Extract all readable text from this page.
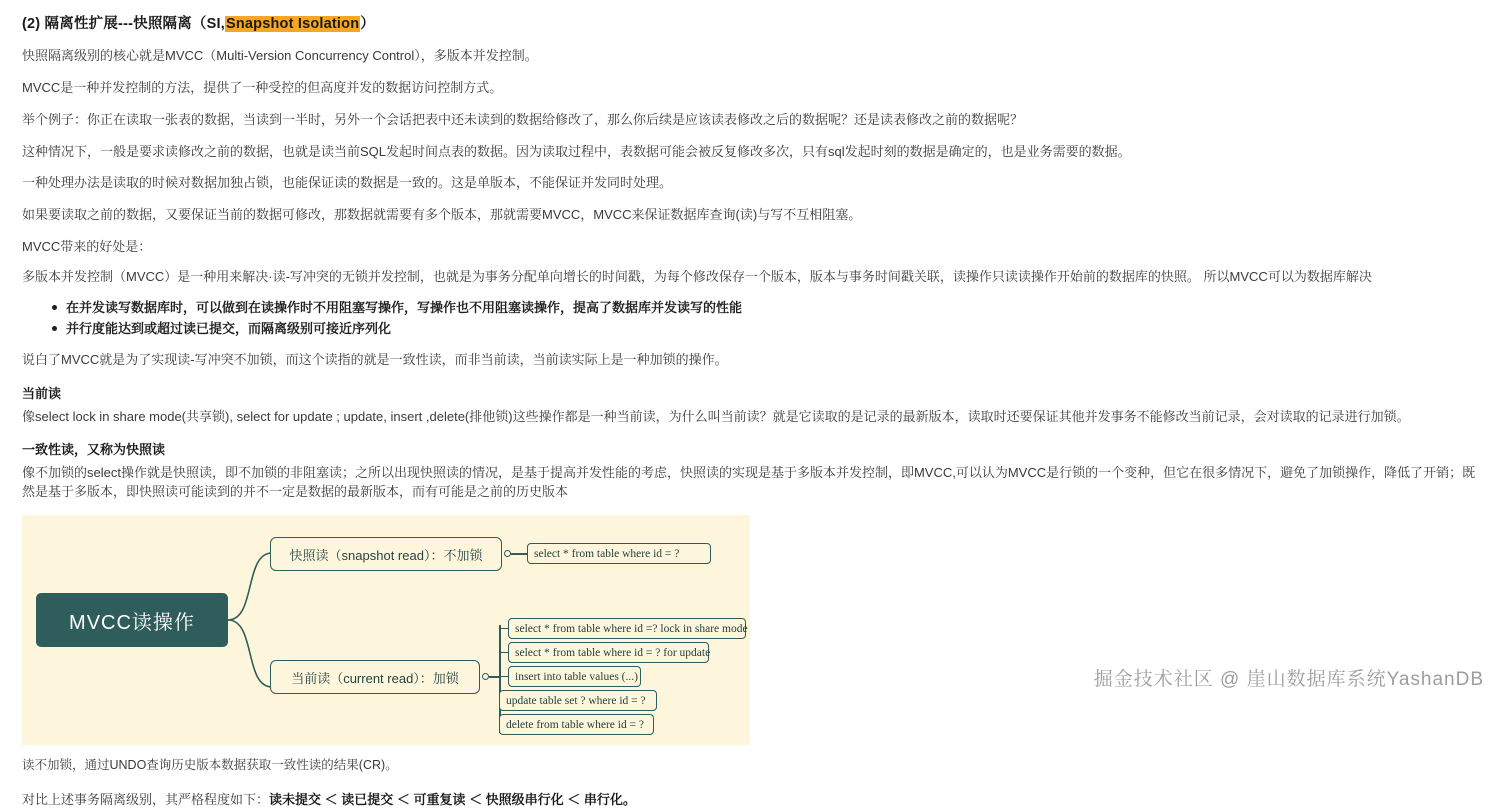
(2) 隔离性扩展---快照隔离（SI,Snapshot Isolation）

快照隔离级别的核心就是MVCC（Multi-Version Concurrency Control），多版本并发控制。

MVCC是一种并发控制的方法，提供了一种受控的但高度并发的数据访问控制方式。

举个例子：你正在读取一张表的数据，当读到一半时，另外一个会话把表中还未读到的数据给修改了，那么你后续是应该读表修改之后的数据呢？还是读表修改之前的数据呢？

这种情况下，一般是要求读修改之前的数据，也就是读当前SQL发起时间点表的数据。因为读取过程中，表数据可能会被反复修改多次，只有sql发起时刻的数据是确定的，也是业务需要的数据。

一种处理办法是读取的时候对数据加独占锁，也能保证读的数据是一致的。这是单版本，不能保证并发同时处理。

如果要读取之前的数据，又要保证当前的数据可修改，那数据就需要有多个版本，那就需要MVCC，MVCC来保证数据库查询(读)与写不互相阻塞。

MVCC带来的好处是：

多版本并发控制（MVCC）是一种用来解决·读-写冲突的无锁并发控制，也就是为事务分配单向增长的时间戳，为每个修改保存一个版本，版本与事务时间戳关联，读操作只读读操作开始前的数据库的快照。 所以MVCC可以为数据库解决

在并发读写数据库时，可以做到在读操作时不用阻塞写操作，写操作也不用阻塞读操作，提高了数据库并发读写的性能
并行度能达到或超过读已提交，而隔离级别可接近序列化

说白了MVCC就是为了实现读-写冲突不加锁，而这个读指的就是一致性读，而非当前读，当前读实际上是一种加锁的操作。

当前读

像select lock in share mode(共享锁), select for update ; update, insert ,delete(排他锁)这些操作都是一种当前读，为什么叫当前读？就是它读取的是记录的最新版本，读取时还要保证其他并发事务不能修改当前记录，会对读取的记录进行加锁。

一致性读，又称为快照读

像不加锁的select操作就是快照读，即不加锁的非阻塞读；之所以出现快照读的情况，是基于提高并发性能的考虑，快照读的实现是基于多版本并发控制，即MVCC,可以认为MVCC是行锁的一个变种，但它在很多情况下，避免了加锁操作，降低了开销；既然是基于多版本，即快照读可能读到的并不一定是数据的最新版本，而有可能是之前的历史版本

MVCC读操作
快照读（snapshot read）：不加锁
当前读（current read）：加锁
select * from table where id = ?
select * from table where id =? lock in share mode
select * from table where id = ? for update
insert into table values (...)
update table set ? where id = ?
delete from table where id = ?

读不加锁，通过UNDO查询历史版本数据获取一致性读的结果(CR)。

对比上述事务隔离级别，其严格程度如下：读未提交 ＜ 读已提交 ＜ 可重复读 ＜ 快照级串行化 ＜ 串行化。

掘金技术社区 @ 崖山数据库系统YashanDB
